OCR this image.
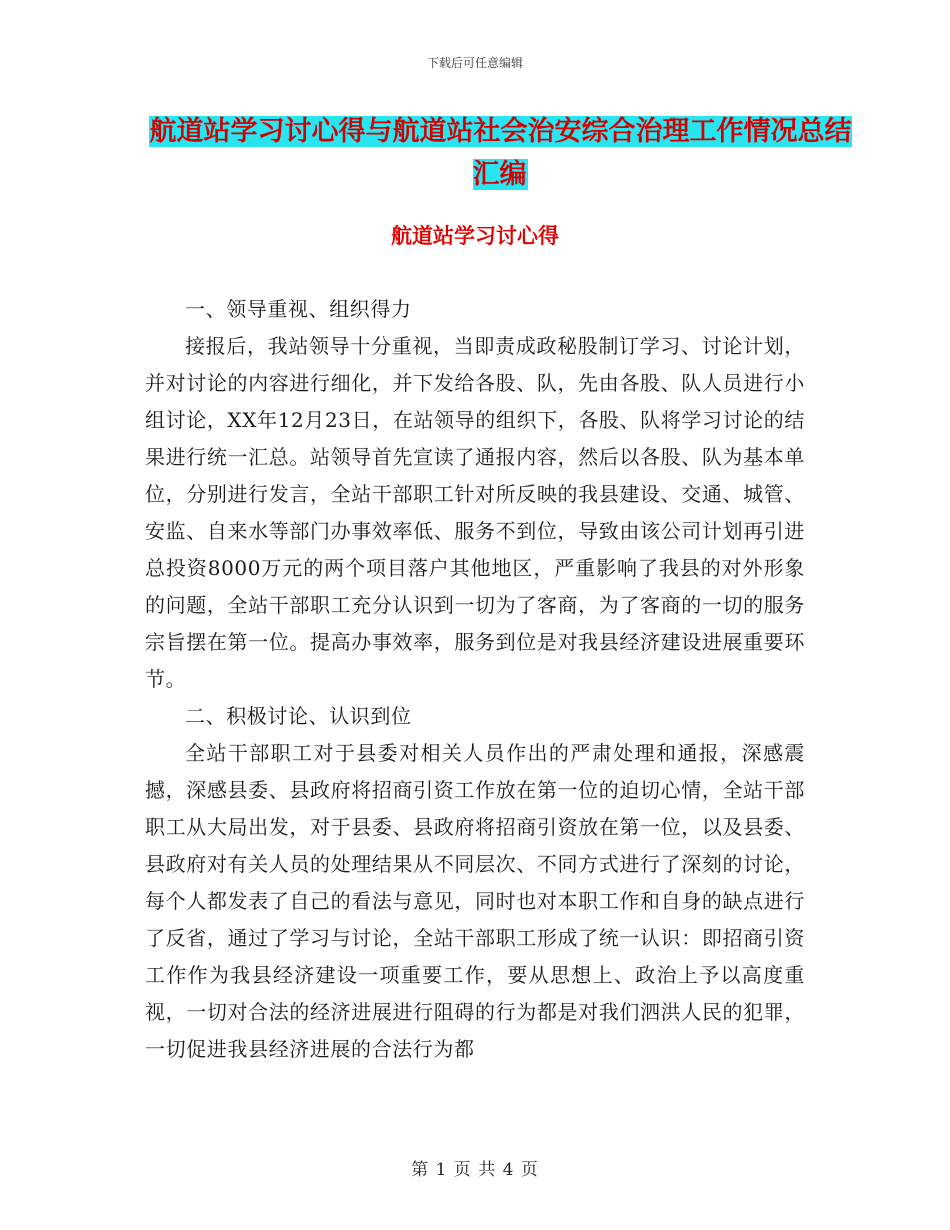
下载后可任意编辑
航道站学习讨心得与航道站社会治安综合治理工作情况总结汇编
航道站学习讨心得

一、领导重视、组织得力

接报后，我站领导十分重视，当即责成政秘股制订学习、讨论计划，并对讨论的内容进行细化，并下发给各股、队，先由各股、队人员进行小组讨论，XX年12月23日，在站领导的组织下，各股、队将学习讨论的结果进行统一汇总。站领导首先宣读了通报内容，然后以各股、队为基本单位，分别进行发言，全站干部职工针对所反映的我县建设、交通、城管、安监、自来水等部门办事效率低、服务不到位，导致由该公司计划再引进总投资8000万元的两个项目落户其他地区，严重影响了我县的对外形象的问题，全站干部职工充分认识到一切为了客商，为了客商的一切的服务宗旨摆在第一位。提高办事效率，服务到位是对我县经济建设进展重要环节。

二、积极讨论、认识到位

全站干部职工对于县委对相关人员作出的严肃处理和通报，深感震撼，深感县委、县政府将招商引资工作放在第一位的迫切心情，全站干部职工从大局出发，对于县委、县政府将招商引资放在第一位，以及县委、县政府对有关人员的处理结果从不同层次、不同方式进行了深刻的讨论，每个人都发表了自己的看法与意见，同时也对本职工作和自身的缺点进行了反省，通过了学习与讨论，全站干部职工形成了统一认识：即招商引资工作作为我县经济建设一项重要工作，要从思想上、政治上予以高度重视，一切对合法的经济进展进行阻碍的行为都是对我们泗洪人民的犯罪，一切促进我县经济进展的合法行为都

第 1 页 共 4 页
